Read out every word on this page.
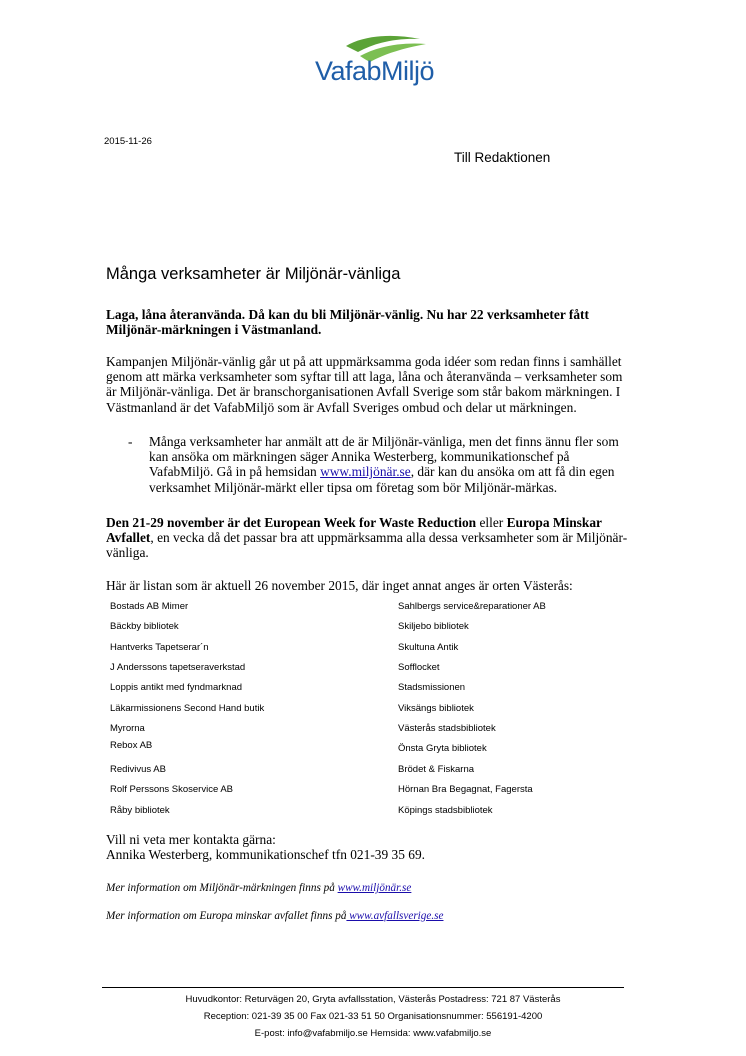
VafabMiljö
2015-11-26
Till Redaktionen
Många verksamheter är Miljönär-vänliga
Laga, låna återanvända. Då kan du bli Miljönär-vänlig. Nu har 22 verksamheter fått Miljönär-märkningen i Västmanland.
Kampanjen Miljönär-vänlig går ut på att uppmärksamma goda idéer som redan finns i samhället genom att märka verksamheter som syftar till att laga, låna och återanvända – verksamheter som är Miljönär-vänliga. Det är branschorganisationen Avfall Sverige som står bakom märkningen. I Västmanland är det VafabMiljö som är Avfall Sveriges ombud och delar ut märkningen.
- Många verksamheter har anmält att de är Miljönär-vänliga, men det finns ännu fler som kan ansöka om märkningen säger Annika Westerberg, kommunikationschef på VafabMiljö. Gå in på hemsidan www.miljönär.se, där kan du ansöka om att få din egen verksamhet Miljönär-märkt eller tipsa om företag som bör Miljönär-märkas.
Den 21-29 november är det European Week for Waste Reduction eller Europa Minskar Avfallet, en vecka då det passar bra att uppmärksamma alla dessa verksamheter som är Miljönär-vänliga.
Här är listan som är aktuell 26 november 2015, där inget annat anges är orten Västerås:
Bostads AB Mimer
Bäckby bibliotek
Hantverks Tapetserar´n
J Anderssons tapetseraverkstad
Loppis antikt med fyndmarknad
Läkarmissionens Second Hand butik
Myrorna
Rebox AB
Redivivus AB
Rolf Perssons Skoservice AB
Råby bibliotek
Sahlbergs service&reparationer AB
Skiljebo bibliotek
Skultuna Antik
Sofflocket
Stadsmissionen
Viksängs bibliotek
Västerås stadsbibliotek
Önsta Gryta bibliotek
Brödet & Fiskarna
Hörnan Bra Begagnat, Fagersta
Köpings stadsbibliotek
Vill ni veta mer kontakta gärna:
Annika Westerberg, kommunikationschef tfn 021-39 35 69.
Mer information om Miljönär-märkningen finns på www.miljönär.se
Mer information om Europa minskar avfallet finns på www.avfallsverige.se
Huvudkontor: Returvägen 20, Gryta avfallsstation, Västerås Postadress: 721 87 Västerås
Reception: 021-39 35 00 Fax 021-33 51 50 Organisationsnummer: 556191-4200
E-post: info@vafabmiljo.se Hemsida: www.vafabmiljo.se
